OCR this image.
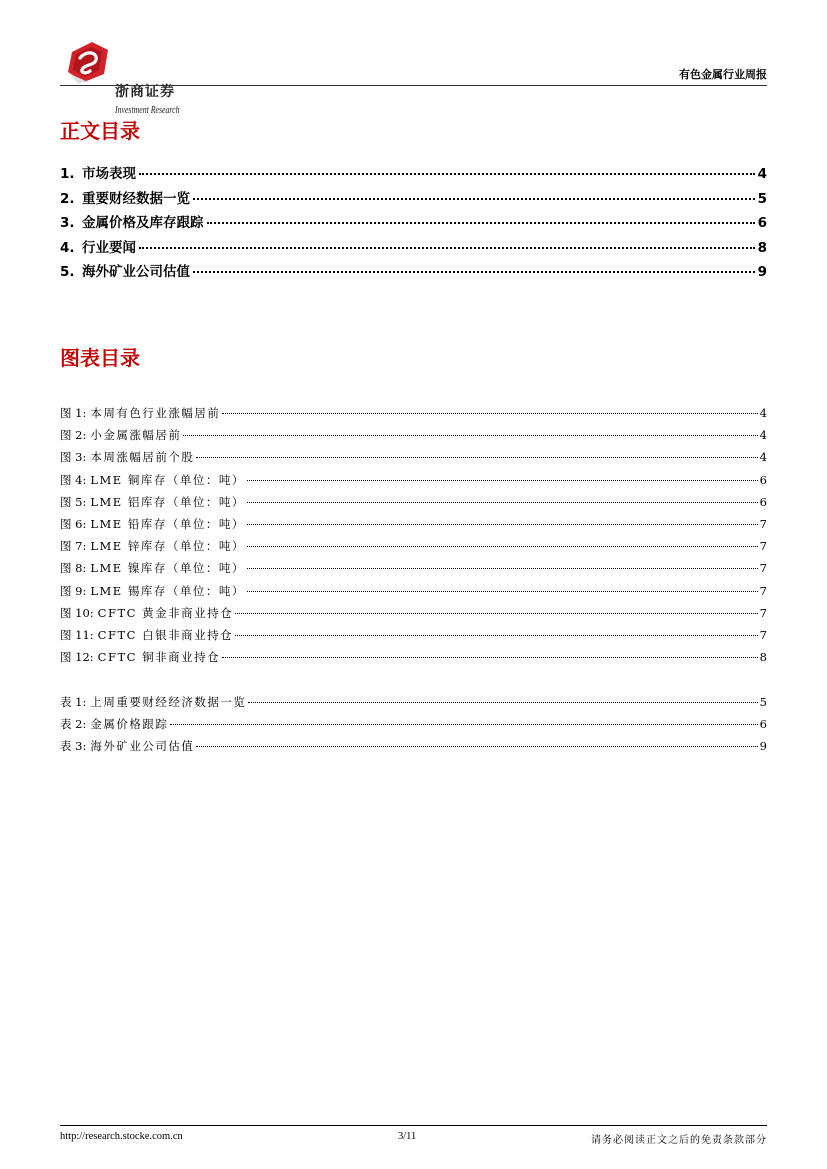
浙商证券
Investment Research
有色金属行业周报
正文目录
1. 市场表现	4
2. 重要财经数据一览	5
3. 金属价格及库存跟踪	6
4. 行业要闻	8
5. 海外矿业公司估值	9
图表目录
图 1: 本周有色行业涨幅居前	4
图 2: 小金属涨幅居前	4
图 3: 本周涨幅居前个股	4
图 4: LME 铜库存（单位：吨）	6
图 5: LME 铝库存（单位：吨）	6
图 6: LME 铅库存（单位：吨）	7
图 7: LME 锌库存（单位：吨）	7
图 8: LME 镍库存（单位：吨）	7
图 9: LME 锡库存（单位：吨）	7
图 10: CFTC 黄金非商业持仓	7
图 11: CFTC 白银非商业持仓	7
图 12: CFTC 铜非商业持仓	8
表 1: 上周重要财经经济数据一览	5
表 2: 金属价格跟踪	6
表 3: 海外矿业公司估值	9
http://research.stocke.com.cn	3/11	请务必阅读正文之后的免责条款部分
